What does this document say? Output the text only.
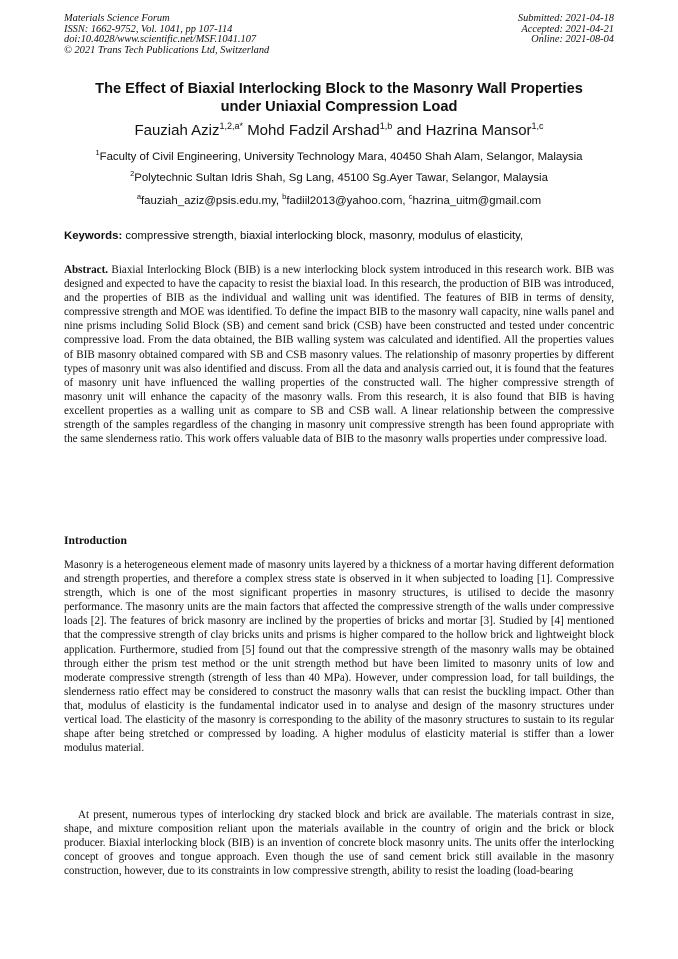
Materials Science Forum
ISSN: 1662-9752, Vol. 1041, pp 107-114
doi:10.4028/www.scientific.net/MSF.1041.107
© 2021 Trans Tech Publications Ltd, Switzerland
Submitted: 2021-04-18
Accepted: 2021-04-21
Online: 2021-08-04
The Effect of Biaxial Interlocking Block to the Masonry Wall Properties
under Uniaxial Compression Load
Fauziah Aziz$^{1,2,a*}$ Mohd Fadzil Arshad$^{1,b}$ and Hazrina Mansor$^{1,c}$
$^1$Faculty of Civil Engineering, University Technology Mara, 40450 Shah Alam, Selangor, Malaysia
$^2$Polytechnic Sultan Idris Shah, Sg Lang, 45100 Sg.Ayer Tawar, Selangor, Malaysia
$^a$fauziah_aziz@psis.edu.my, $^b$fadiil2013@yahoo.com, $^c$hazrina_uitm@gmail.com
Keywords: compressive strength, biaxial interlocking block, masonry, modulus of elasticity,
Abstract. Biaxial Interlocking Block (BIB) is a new interlocking block system introduced in this research work. BIB was designed and expected to have the capacity to resist the biaxial load. In this research, the production of BIB was introduced, and the properties of BIB as the individual and walling unit was identified. The features of BIB in terms of density, compressive strength and MOE was identified. To define the impact BIB to the masonry wall capacity, nine walls panel and nine prisms including Solid Block (SB) and cement sand brick (CSB) have been constructed and tested under concentric compressive load. From the data obtained, the BIB walling system was calculated and identified. All the properties values of BIB masonry obtained compared with SB and CSB masonry values. The relationship of masonry properties by different types of masonry unit was also identified and discuss. From all the data and analysis carried out, it is found that the features of masonry unit have influenced the walling properties of the constructed wall. The higher compressive strength of masonry unit will enhance the capacity of the masonry walls. From this research, it is also found that BIB is having excellent properties as a walling unit as compare to SB and CSB wall. A linear relationship between the compressive strength of the samples regardless of the changing in masonry unit compressive strength has been found appropriate with the same slenderness ratio. This work offers valuable data of BIB to the masonry walls properties under compressive load.
Introduction
Masonry is a heterogeneous element made of masonry units layered by a thickness of a mortar having different deformation and strength properties, and therefore a complex stress state is observed in it when subjected to loading [1]. Compressive strength, which is one of the most significant properties in masonry structures, is utilised to decide the masonry performance. The masonry units are the main factors that affected the compressive strength of the walls under compressive loads [2]. The features of brick masonry are inclined by the properties of bricks and mortar [3]. Studied by [4] mentioned that the compressive strength of clay bricks units and prisms is higher compared to the hollow brick and lightweight block application. Furthermore, studied from [5] found out that the compressive strength of the masonry walls may be obtained through either the prism test method or the unit strength method but have been limited to masonry units of low and moderate compressive strength (strength of less than 40 MPa). However, under compression load, for tall buildings, the slenderness ratio effect may be considered to construct the masonry walls that can resist the buckling impact. Other than that, modulus of elasticity is the fundamental indicator used in to analyse and design of the masonry structures under vertical load. The elasticity of the masonry is corresponding to the ability of the masonry structures to sustain to its regular shape after being stretched or compressed by loading. A higher modulus of elasticity material is stiffer than a lower modulus material.
At present, numerous types of interlocking dry stacked block and brick are available. The materials contrast in size, shape, and mixture composition reliant upon the materials available in the country of origin and the brick or block producer. Biaxial interlocking block (BIB) is an invention of concrete block masonry units. The units offer the interlocking concept of grooves and tongue approach. Even though the use of sand cement brick still available in the masonry construction, however, due to its constraints in low compressive strength, ability to resist the loading (load-bearing
